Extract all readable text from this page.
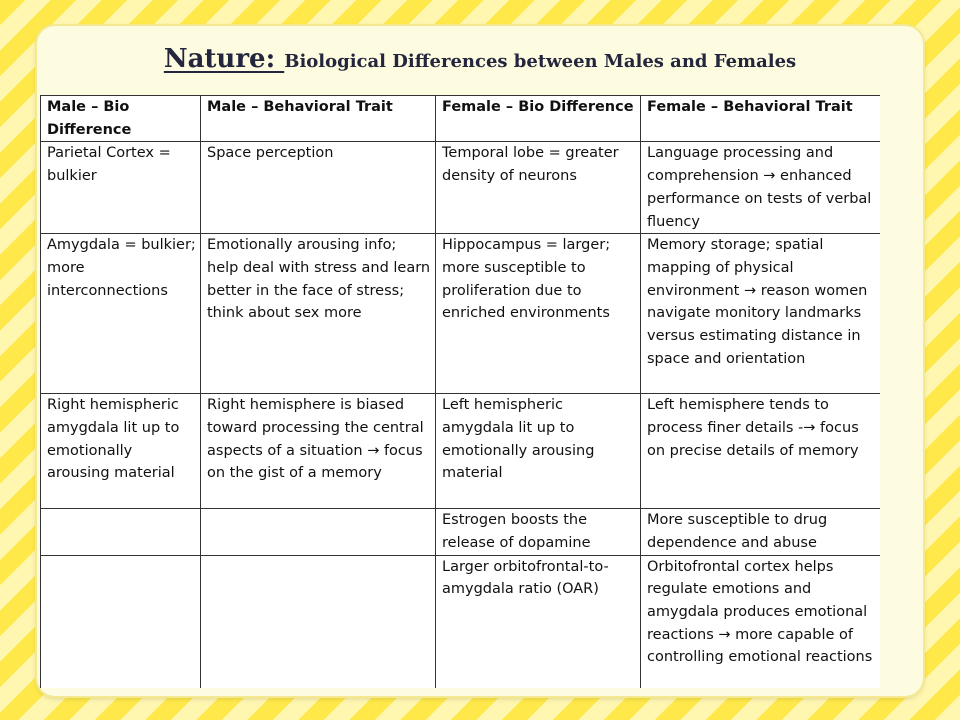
Nature: Biological Differences between Males and Females
Male – Bio Difference	Male – Behavioral Trait	Female – Bio Difference	Female – Behavioral Trait
Parietal Cortex = bulkier	Space perception	Temporal lobe = greater density of neurons	Language processing and comprehension → enhanced performance on tests of verbal fluency
Amygdala = bulkier; more interconnections	Emotionally arousing info; help deal with stress and learn better in the face of stress; think about sex more	Hippocampus = larger; more susceptible to proliferation due to enriched environments	Memory storage; spatial mapping of physical environment → reason women navigate monitory landmarks versus estimating distance in space and orientation
Right hemispheric amygdala lit up to emotionally arousing material	Right hemisphere is biased toward processing the central aspects of a situation → focus on the gist of a memory	Left hemispheric amygdala lit up to emotionally arousing material	Left hemisphere tends to process finer details -→ focus on precise details of memory
		Estrogen boosts the release of dopamine	More susceptible to drug dependence and abuse
		Larger orbitofrontal-to-amygdala ratio (OAR)	Orbitofrontal cortex helps regulate emotions and amygdala produces emotional reactions → more capable of controlling emotional reactions
